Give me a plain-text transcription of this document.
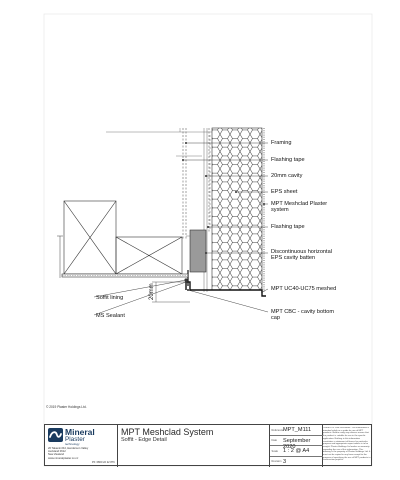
20mm
Framing
Flashing tape
20mm cavity
EPS sheet
MPT Meshclad Plaster system
Flashing tape
Discontinuous horizontal EPS cavity batten
MPT UC40-UC75 meshed
MPT CBC - cavity bottom cap
Soffit lining
MS Sealant
© 2019 Plaster Holdings Ltd.
Mineral
Plaster
technology
20 Takanini Rd, Henderson Valley
Auckland 0612
New Zealand
www.mineralplaster.co.nz
Ph: 0800 22 22 876
MPT Meshclad System
Soffit - Edge Detail
Reference MPT_M111
Date September 2020
Scale 1 : 2 @ A4
Revision 3
TERMS OF USE Disclaimer: This information is intended solely as a guide for use of MPT products. Before using any reliance ensure that the product is suitable for use in the specific application. Nothing in this information constitutes a statement of fitness for particular purpose and appropriate expert advice is to be sought. Plaster Holdings Ltd makes no warranty regarding the use of this information. This drawing is the property of Plaster Holdings Ltd. It must not be copied in any form except for the purpose of specifying the use of MPT products in construction projects.
